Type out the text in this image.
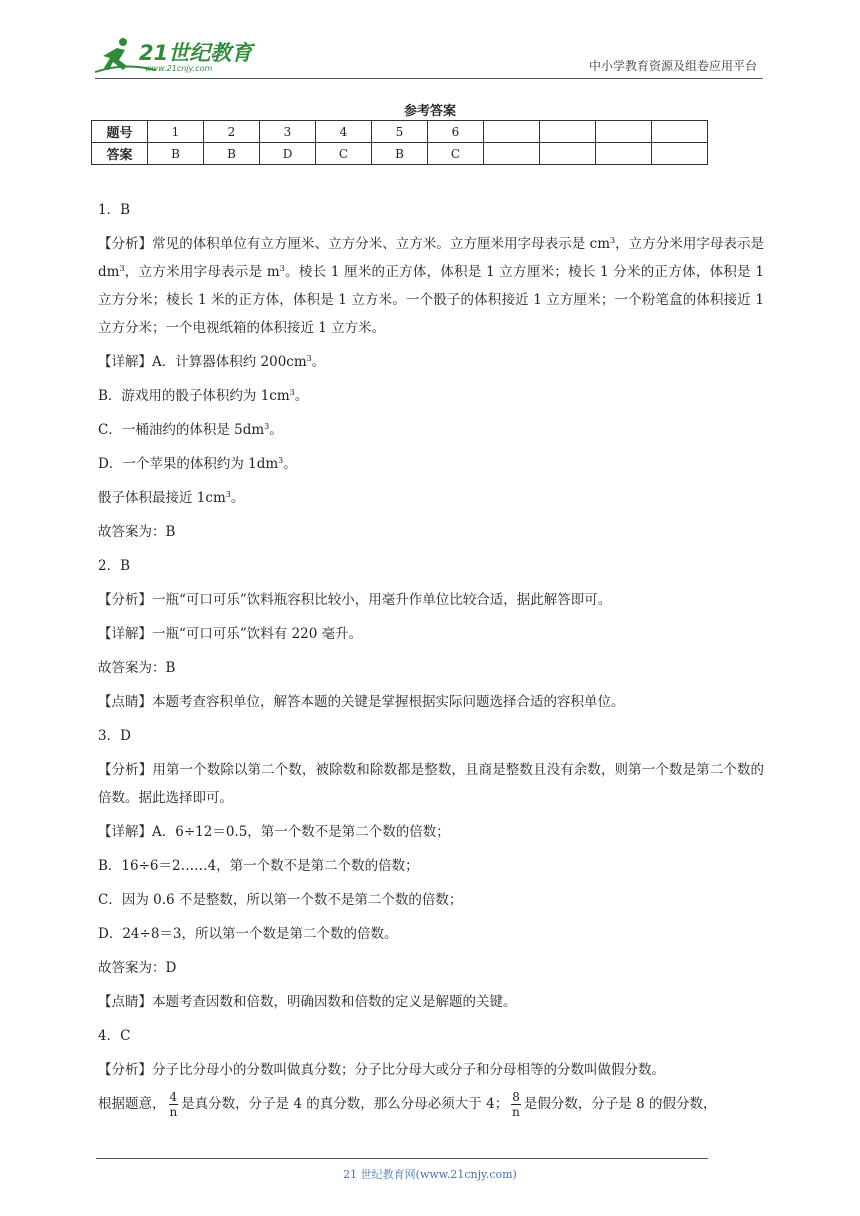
21世纪教育
www.21cnjy.com	中小学教育资源及组卷应用平台
参考答案
题号	1	2	3	4	5	6				
答案	B	B	D	C	B	C				

1．B

【分析】常见的体积单位有立方厘米、立方分米、立方米。立方厘米用字母表示是 $cm^3$，立方分米用字母表示是 $dm^3$，立方米用字母表示是 $m^3$。棱长 1 厘米的正方体，体积是 1 立方厘米；棱长 1 分米的正方体，体积是 1 立方分米；棱长 1 米的正方体，体积是 1 立方米。一个骰子的体积接近 1 立方厘米；一个粉笔盒的体积接近 1 立方分米；一个电视纸箱的体积接近 1 立方米。

【详解】A．计算器体积约 $200cm^3$。

B．游戏用的骰子体积约为 $1cm^3$。

C．一桶油约的体积是 $5dm^3$。

D．一个苹果的体积约为 $1dm^3$。

骰子体积最接近 $1cm^3$。

故答案为：B

2．B

【分析】一瓶“可口可乐”饮料瓶容积比较小，用毫升作单位比较合适，据此解答即可。

【详解】一瓶“可口可乐”饮料有 220 毫升。

故答案为：B

【点睛】本题考查容积单位，解答本题的关键是掌握根据实际问题选择合适的容积单位。

3．D

【分析】用第一个数除以第二个数，被除数和除数都是整数，且商是整数且没有余数，则第一个数是第二个数的倍数。据此选择即可。

【详解】A．6÷12＝0.5，第一个数不是第二个数的倍数；

B．16÷6＝2……4，第一个数不是第二个数的倍数；

C．因为 0.6 不是整数，所以第一个数不是第二个数的倍数；

D．24÷8＝3，所以第一个数是第二个数的倍数。

故答案为：D

【点睛】本题考查因数和倍数，明确因数和倍数的定义是解题的关键。

4．C

【分析】分子比分母小的分数叫做真分数；分子比分母大或分子和分母相等的分数叫做假分数。

根据题意， $\frac{4}{n}$ 是真分数，分子是 4 的真分数，那么分母必须大于 4； $\frac{8}{n}$ 是假分数，分子是 8 的假分数，

21 世纪教育网(www.21cnjy.com)
